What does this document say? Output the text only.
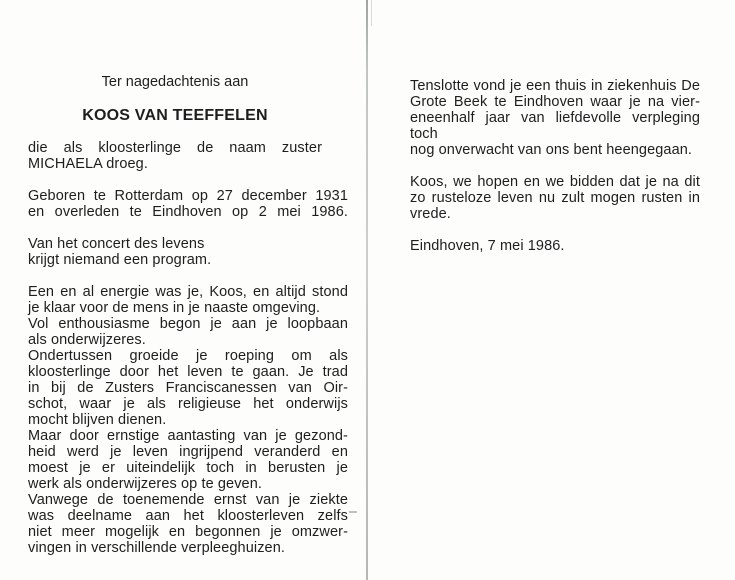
Ter nagedachtenis aan
KOOS VAN TEEFFELEN
die als kloosterlinge de naam zuster
MICHAELA droeg.
Geboren te Rotterdam op 27 december 1931
en overleden te Eindhoven op 2 mei 1986.
Van het concert des levens
krijgt niemand een program.
Een en al energie was je, Koos, en altijd stond
je klaar voor de mens in je naaste omgeving.
Vol enthousiasme begon je aan je loopbaan
als onderwijzeres.
Ondertussen groeide je roeping om als
kloosterlinge door het leven te gaan. Je trad
in bij de Zusters Franciscanessen van Oir-
schot, waar je als religieuse het onderwijs
mocht blijven dienen.
Maar door ernstige aantasting van je gezond-
heid werd je leven ingrijpend veranderd en
moest je er uiteindelijk toch in berusten je
werk als onderwijzeres op te geven.
Vanwege de toenemende ernst van je ziekte
was deelname aan het kloosterleven zelfs
niet meer mogelijk en begonnen je omzwer-
vingen in verschillende verpleeghuizen.
Tenslotte vond je een thuis in ziekenhuis De
Grote Beek te Eindhoven waar je na vier-
eneenhalf jaar van liefdevolle verpleging toch
nog onverwacht van ons bent heengegaan.
Koos, we hopen en we bidden dat je na dit
zo rusteloze leven nu zult mogen rusten in
vrede.
Eindhoven, 7 mei 1986.
